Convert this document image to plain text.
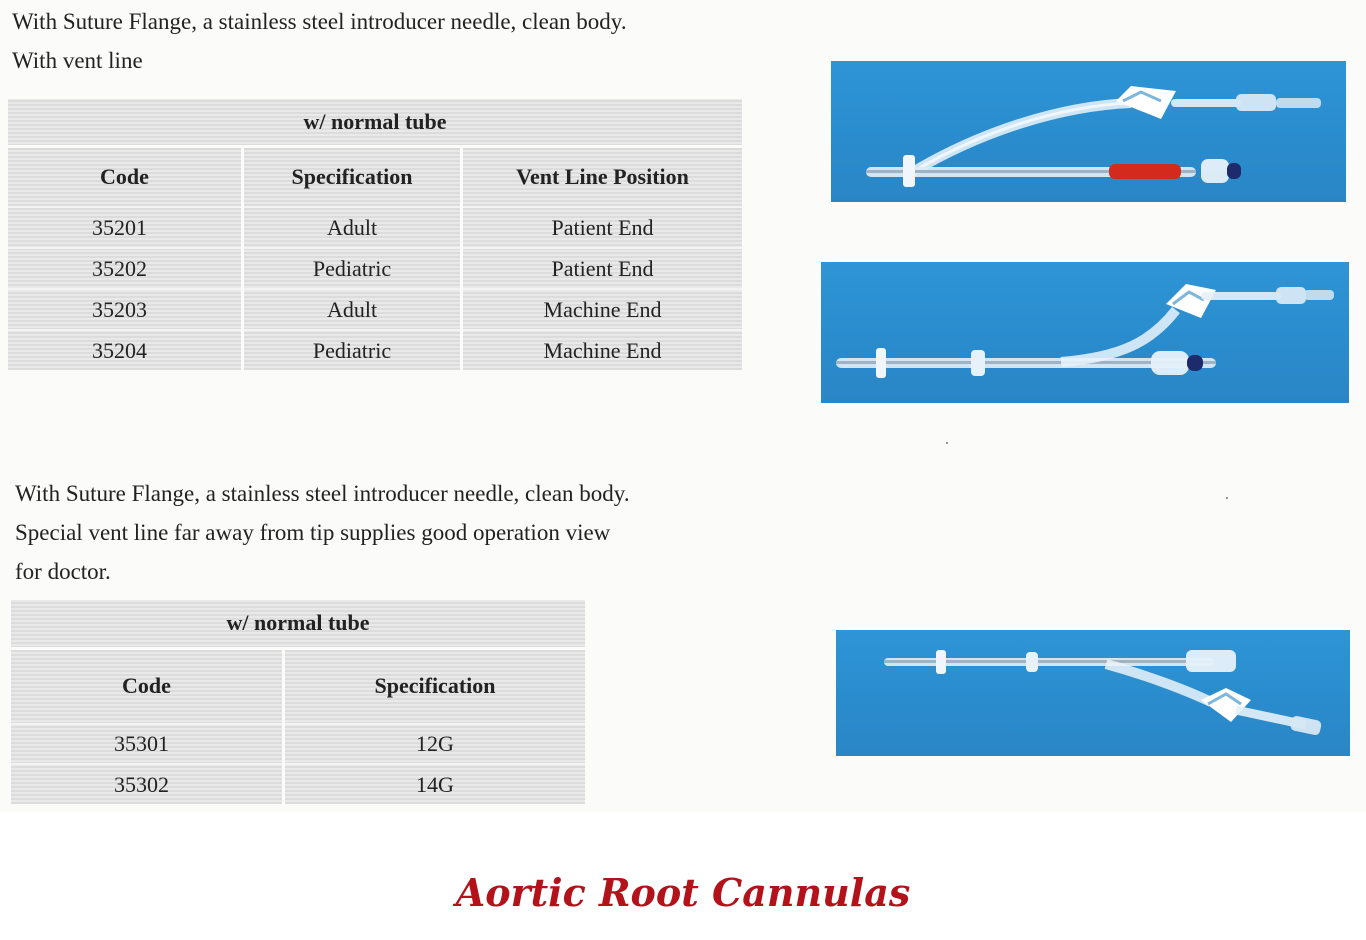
With Suture Flange, a stainless steel introducer needle, clean body. With vent line

w/ normal tube		
Code	Specification	Vent Line Position
35201	Adult	Patient End
35202	Pediatric	Patient End
35203	Adult	Machine End
35204	Pediatric	Machine End

With Suture Flange, a stainless steel introducer needle, clean body. Special vent line far away from tip supplies good operation view for doctor.

w/ normal tube	
Code	Specification
35301	12G
35302	14G
Aortic Root Cannulas
